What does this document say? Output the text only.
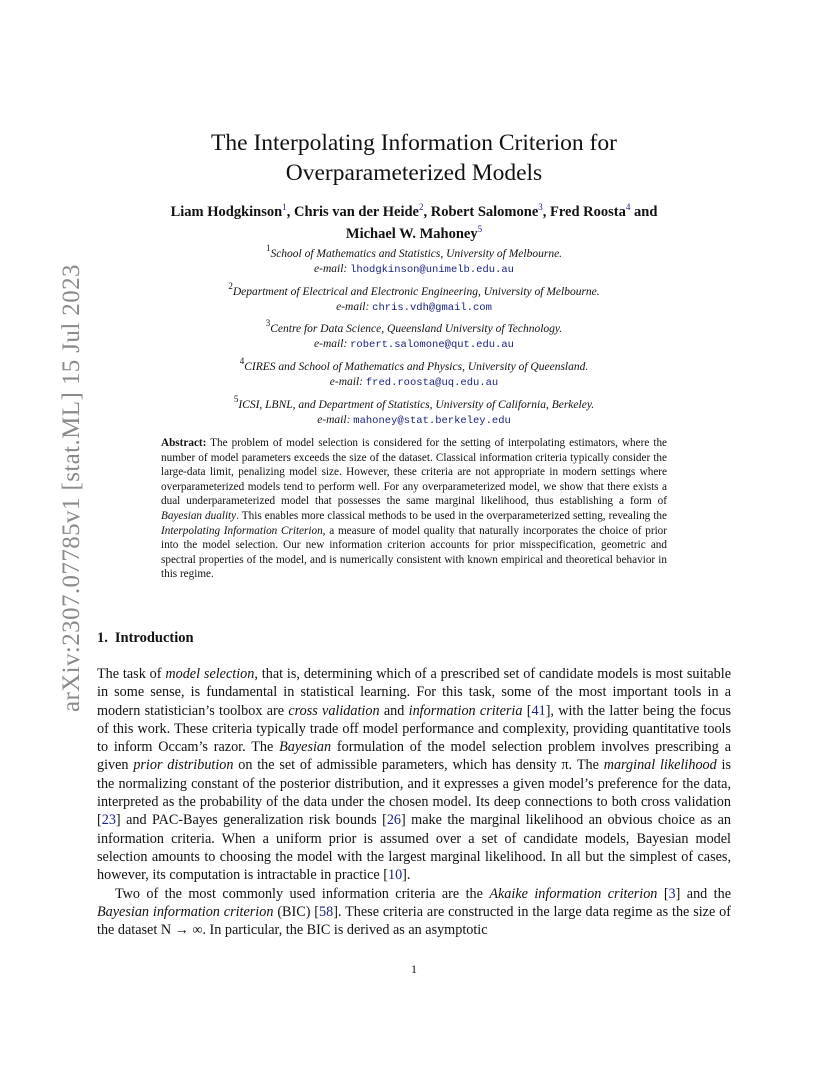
arXiv:2307.07785v1 [stat.ML] 15 Jul 2023
The Interpolating Information Criterion for
Overparameterized Models
Liam Hodgkinson$^1$, Chris van der Heide$^2$, Robert Salomone$^3$, Fred Roosta$^4$ and Michael W. Mahoney$^5$
$^1$School of Mathematics and Statistics, University of Melbourne.
e-mail: lhodgkinson@unimelb.edu.au
$^2$Department of Electrical and Electronic Engineering, University of Melbourne.
e-mail: chris.vdh@gmail.com
$^3$Centre for Data Science, Queensland University of Technology.
e-mail: robert.salomone@qut.edu.au
$^4$CIRES and School of Mathematics and Physics, University of Queensland.
e-mail: fred.roosta@uq.edu.au
$^5$ICSI, LBNL, and Department of Statistics, University of California, Berkeley.
e-mail: mahoney@stat.berkeley.edu
Abstract: The problem of model selection is considered for the setting of interpolating estimators, where the number of model parameters exceeds the size of the dataset. Classical information criteria typically consider the large-data limit, penalizing model size. However, these criteria are not appropriate in modern settings where overparameterized models tend to perform well. For any overparameterized model, we show that there exists a dual underparameterized model that possesses the same marginal likelihood, thus establishing a form of Bayesian duality. This enables more classical methods to be used in the overparameterized setting, revealing the Interpolating Information Criterion, a measure of model quality that naturally incorporates the choice of prior into the model selection. Our new information criterion accounts for prior misspecification, geometric and spectral properties of the model, and is numerically consistent with known empirical and theoretical behavior in this regime.
1. Introduction

The task of model selection, that is, determining which of a prescribed set of candidate models is most suitable in some sense, is fundamental in statistical learning. For this task, some of the most important tools in a modern statistician’s toolbox are cross validation and information criteria [41], with the latter being the focus of this work. These criteria typically trade off model performance and complexity, providing quantitative tools to inform Occam’s razor. The Bayesian formulation of the model selection problem involves prescribing a given prior distribution on the set of admissible parameters, which has density π. The marginal likelihood is the normalizing constant of the posterior distribution, and it expresses a given model’s preference for the data, interpreted as the probability of the data under the chosen model. Its deep connections to both cross validation [23] and PAC-Bayes generalization risk bounds [26] make the marginal likelihood an obvious choice as an information criteria. When a uniform prior is assumed over a set of candidate models, Bayesian model selection amounts to choosing the model with the largest marginal likelihood. In all but the simplest of cases, however, its computation is intractable in practice [10].

Two of the most commonly used information criteria are the Akaike information criterion [3] and the Bayesian information criterion (BIC) [58]. These criteria are constructed in the large data regime as the size of the dataset N → ∞. In particular, the BIC is derived as an asymptotic

1
